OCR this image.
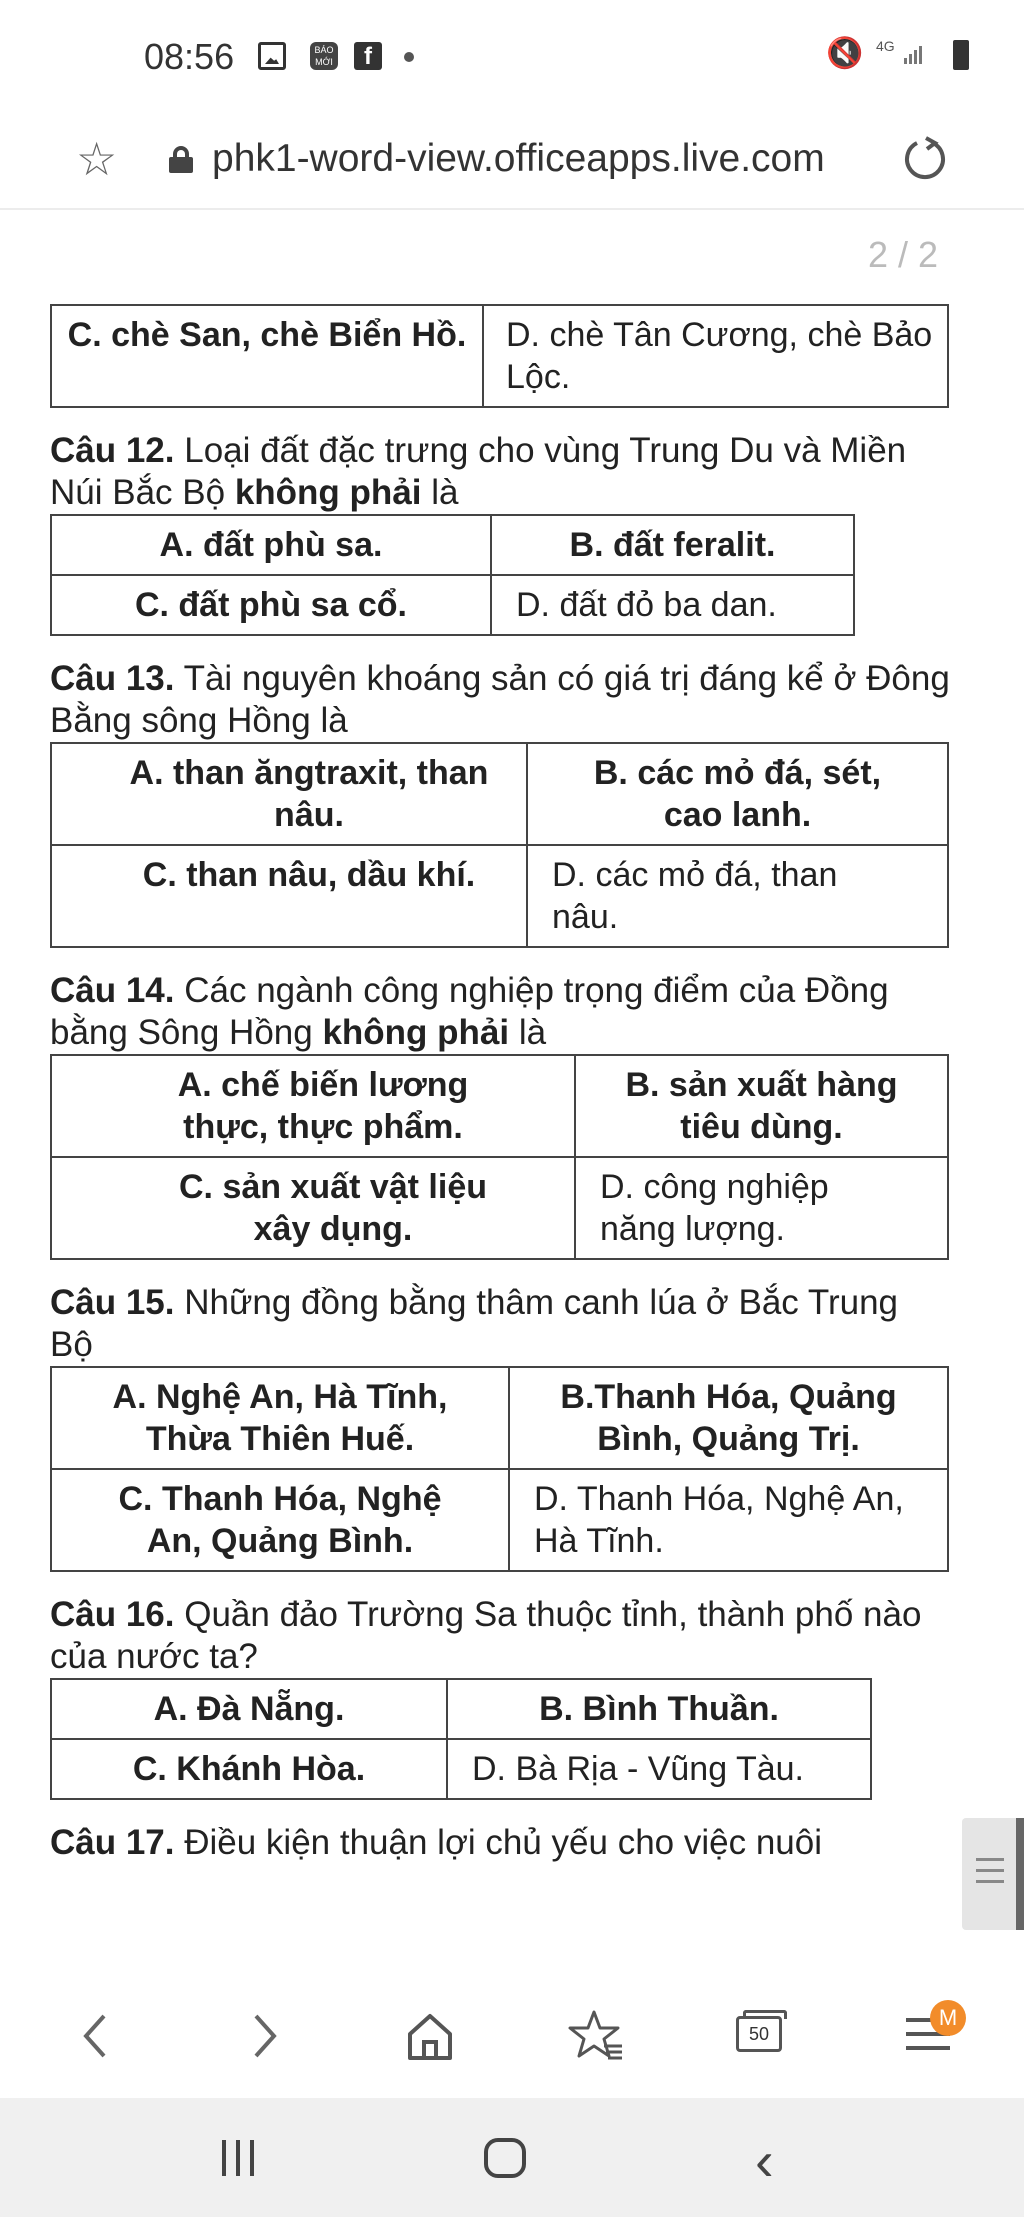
08:56	BÁO MỚI	f	🔇 4G
☆ phk1-word-view.officeapps.live.com
2 / 2
C. chè San, chè Biển Hồ.	D. chè Tân Cương, chè Bảo Lộc.

Câu 12. Loại đất đặc trưng cho vùng Trung Du và Miền Núi Bắc Bộ không phải là

A. đất phù sa.	B. đất feralit.
C. đất phù sa cổ.	D. đất đỏ ba dan.

Câu 13. Tài nguyên khoáng sản có giá trị đáng kể ở Đông Bằng sông Hồng là

A. than ăngtraxit, than nâu.	B. các mỏ đá, sét, cao lanh.
C. than nâu, dầu khí.	D. các mỏ đá, than nâu.

Câu 14. Các ngành công nghiệp trọng điểm của Đồng bằng Sông Hồng không phải là

A. chế biến lương thực, thực phẩm.	B. sản xuất hàng tiêu dùng.
C. sản xuất vật liệu xây dụng.	D. công nghiệp năng lượng.

Câu 15. Những đồng bằng thâm canh lúa ở Bắc Trung Bộ

A. Nghệ An, Hà Tĩnh, Thừa Thiên Huế.	B.Thanh Hóa, Quảng Bình, Quảng Trị.
C. Thanh Hóa, Nghệ An, Quảng Bình.	D. Thanh Hóa, Nghệ An, Hà Tĩnh.

Câu 16. Quần đảo Trường Sa thuộc tỉnh, thành phố nào của nước ta?

A. Đà Nẵng.	B. Bình Thuần.
C. Khánh Hòa.	D. Bà Rịa - Vũng Tàu.

Câu 17. Điều kiện thuận lợi chủ yếu cho việc nuôi

50
M
‹
